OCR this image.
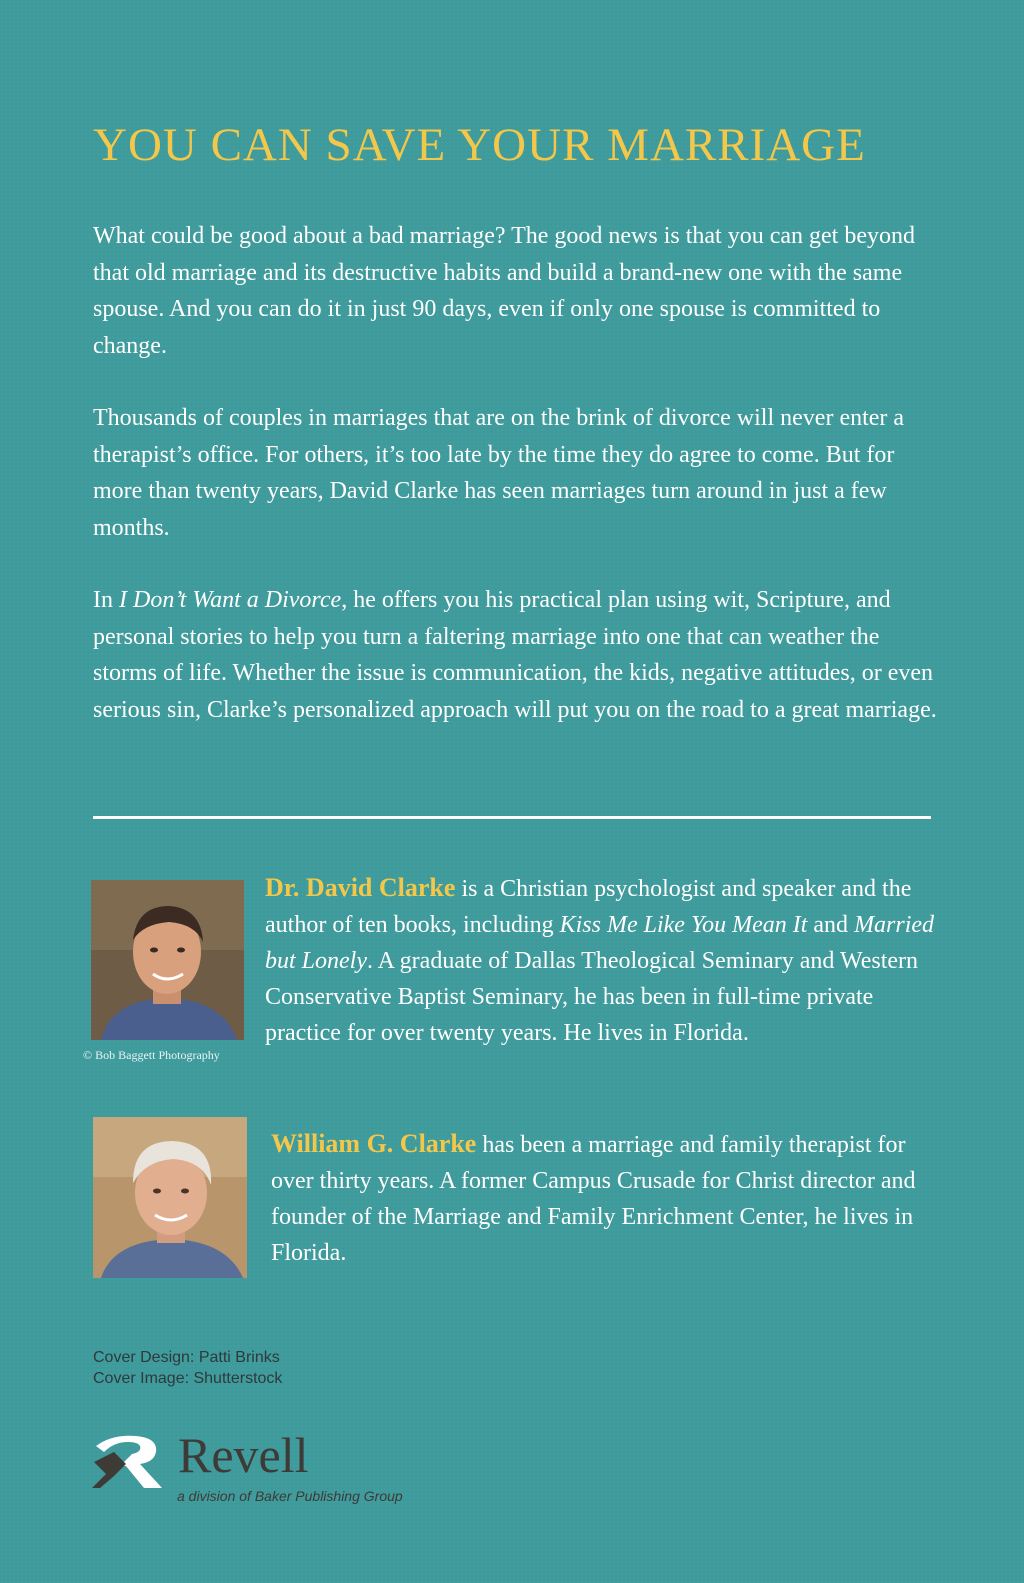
YOU CAN SAVE YOUR MARRIAGE

What could be good about a bad marriage? The good news is that you can get beyond that old marriage and its destructive habits and build a brand-new one with the same spouse. And you can do it in just 90 days, even if only one spouse is committed to change.

Thousands of couples in marriages that are on the brink of divorce will never enter a therapist’s office. For others, it’s too late by the time they do agree to come. But for more than twenty years, David Clarke has seen marriages turn around in just a few months.

In I Don’t Want a Divorce, he offers you his practical plan using wit, Scripture, and personal stories to help you turn a faltering marriage into one that can weather the storms of life. Whether the issue is communication, the kids, negative attitudes, or even serious sin, Clarke’s personalized approach will put you on the road to a great marriage.

© Bob Baggett Photography
Dr. David Clarke is a Christian psychologist and speaker and the author of ten books, including Kiss Me Like You Mean It and Married but Lonely. A graduate of Dallas Theological Seminary and Western Conservative Baptist Seminary, he has been in full-time private practice for over twenty years. He lives in Florida.
William G. Clarke has been a marriage and family therapist for over thirty years. A former Campus Crusade for Christ director and founder of the Marriage and Family Enrichment Center, he lives in Florida.
Cover Design: Patti Brinks
Cover Image: Shutterstock
Revell
a division of Baker Publishing Group
